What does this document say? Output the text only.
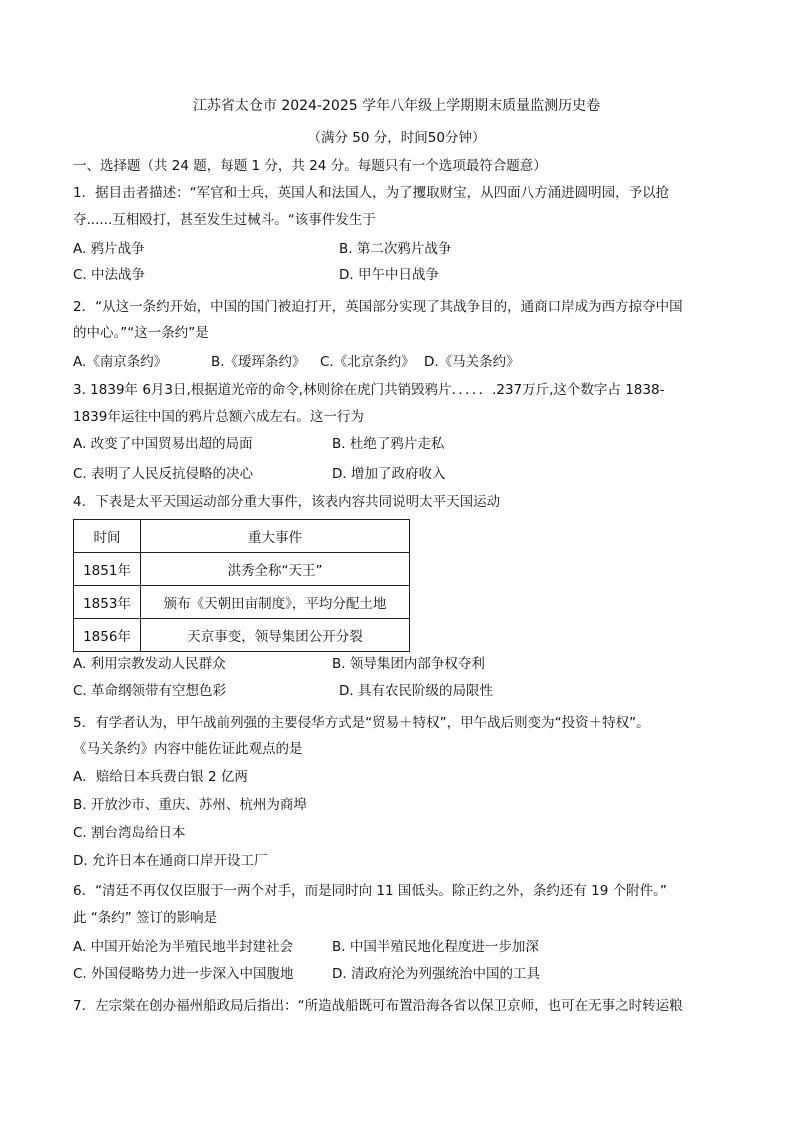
江苏省太仓市 2024-2025 学年八年级上学期期末质量监测历史卷
（满分 50 分，时间50分钟）
一、选择题（共 24 题，每题 1 分，共 24 分。每题只有一个选项最符合题意）
1．据目击者描述：“军官和士兵，英国人和法国人，为了攫取财宝，从四面八方涌进圆明园，予以抢
夺......互相殴打，甚至发生过械斗。“该事件发生于
A. 鸦片战争	B. 第二次鸦片战争
C. 中法战争	D. 甲午中日战争
2．“从这一条约开始，中国的国门被迫打开，英国部分实现了其战争目的，通商口岸成为西方掠夺中国
的中心。”“这一条约”是
A.《南京条约》	B.《瑷珲条约》 C.《北京条约》 D.《马关条约》
3. 1839年 6月3日,根据道光帝的命令,林则徐在虎门共销毁鸦片．．．．．.237万斤,这个数字占 1838-
1839年运往中国的鸦片总额六成左右。这一行为
A. 改变了中国贸易出超的局面	B. 杜绝了鸦片走私
C. 表明了人民反抗侵略的决心	D. 增加了政府收入
4．下表是太平天国运动部分重大事件，该表内容共同说明太平天国运动
时间	重大事件
1851年	洪秀全称“天王”
1853年	颁布《天朝田亩制度》，平均分配土地
1856年	天京事变，领导集团公开分裂
A. 利用宗教发动人民群众	B. 领导集团内部争权夺利
C. 革命纲领带有空想色彩	D. 具有农民阶级的局限性
5．有学者认为，甲午战前列强的主要侵华方式是“贸易＋特权”，甲午战后则变为“投资＋特权”。
《马关条约》内容中能佐证此观点的是
A．赔给日本兵费白银 2 亿两
B. 开放沙市、重庆、苏州、杭州为商埠
C. 割台湾岛给日本
D. 允许日本在通商口岸开设工厂
6．“清廷不再仅仅臣服于一两个对手，而是同时向 11 国低头。除正约之外，条约还有 19 个附件。”
此 “条约” 签订的影响是
A. 中国开始沦为半殖民地半封建社会	B. 中国半殖民地化程度进一步加深
C. 外国侵略势力进一步深入中国腹地	D. 清政府沦为列强统治中国的工具
7．左宗棠在创办福州船政局后指出：“所造战船既可布置沿海各省以保卫京师，也可在无事之时转运粮
